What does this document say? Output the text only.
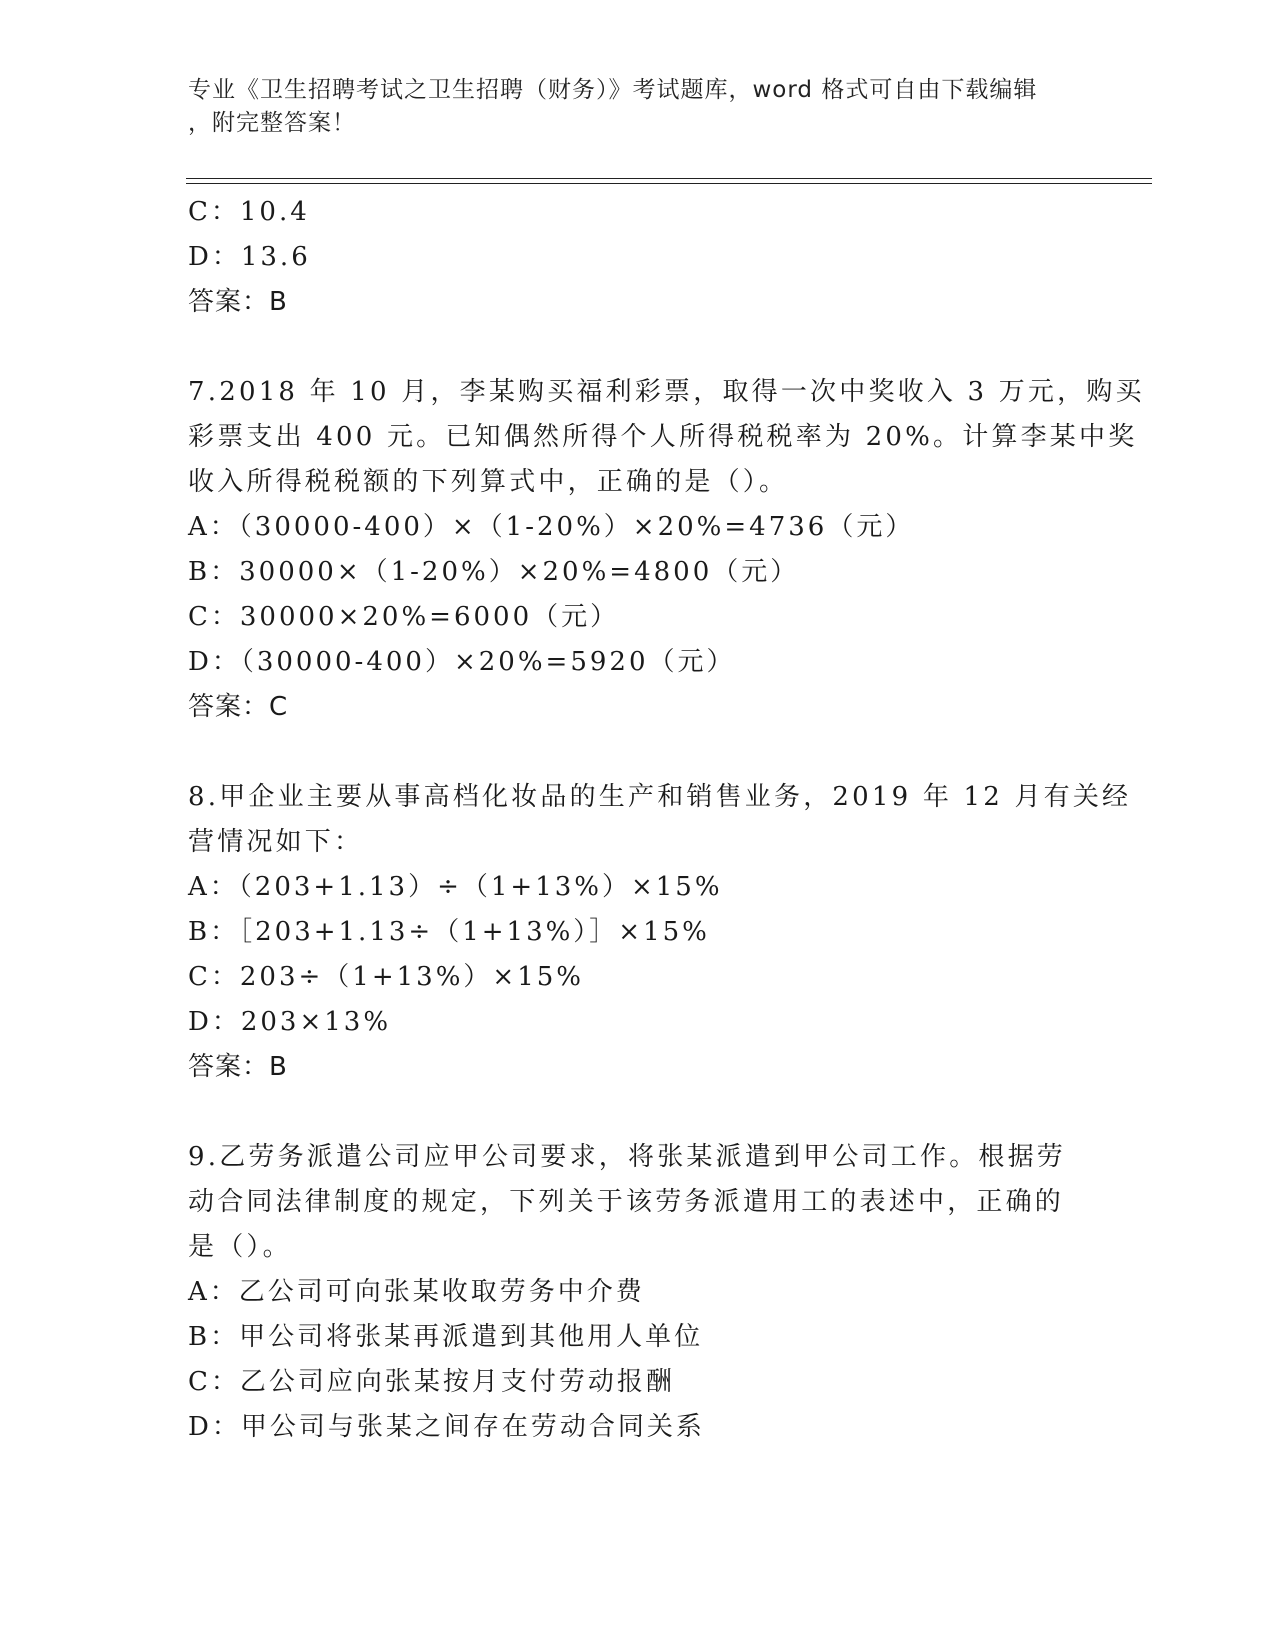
专业《卫生招聘考试之卫生招聘（财务）》考试题库，word 格式可自由下载编辑
，附完整答案！
C：10.4
D：13.6
答案：B
7.2018 年 10 月，李某购买福利彩票，取得一次中奖收入 3 万元，购买
彩票支出 400 元。已知偶然所得个人所得税税率为 20%。计算李某中奖
收入所得税税额的下列算式中，正确的是（）。
A：（30000-400）×（1-20%）×20%=4736（元）
B：30000×（1-20%）×20%=4800（元）
C：30000×20%=6000（元）
D：（30000-400）×20%=5920（元）
答案：C
8.甲企业主要从事高档化妆品的生产和销售业务，2019 年 12 月有关经
营情况如下：
A：（203+1.13）÷（1+13%）×15%
B：［203+1.13÷（1+13%）］×15%
C：203÷（1+13%）×15%
D：203×13%
答案：B
9.乙劳务派遣公司应甲公司要求，将张某派遣到甲公司工作。根据劳
动合同法律制度的规定，下列关于该劳务派遣用工的表述中，正确的
是（）。
A：乙公司可向张某收取劳务中介费
B：甲公司将张某再派遣到其他用人单位
C：乙公司应向张某按月支付劳动报酬
D：甲公司与张某之间存在劳动合同关系
